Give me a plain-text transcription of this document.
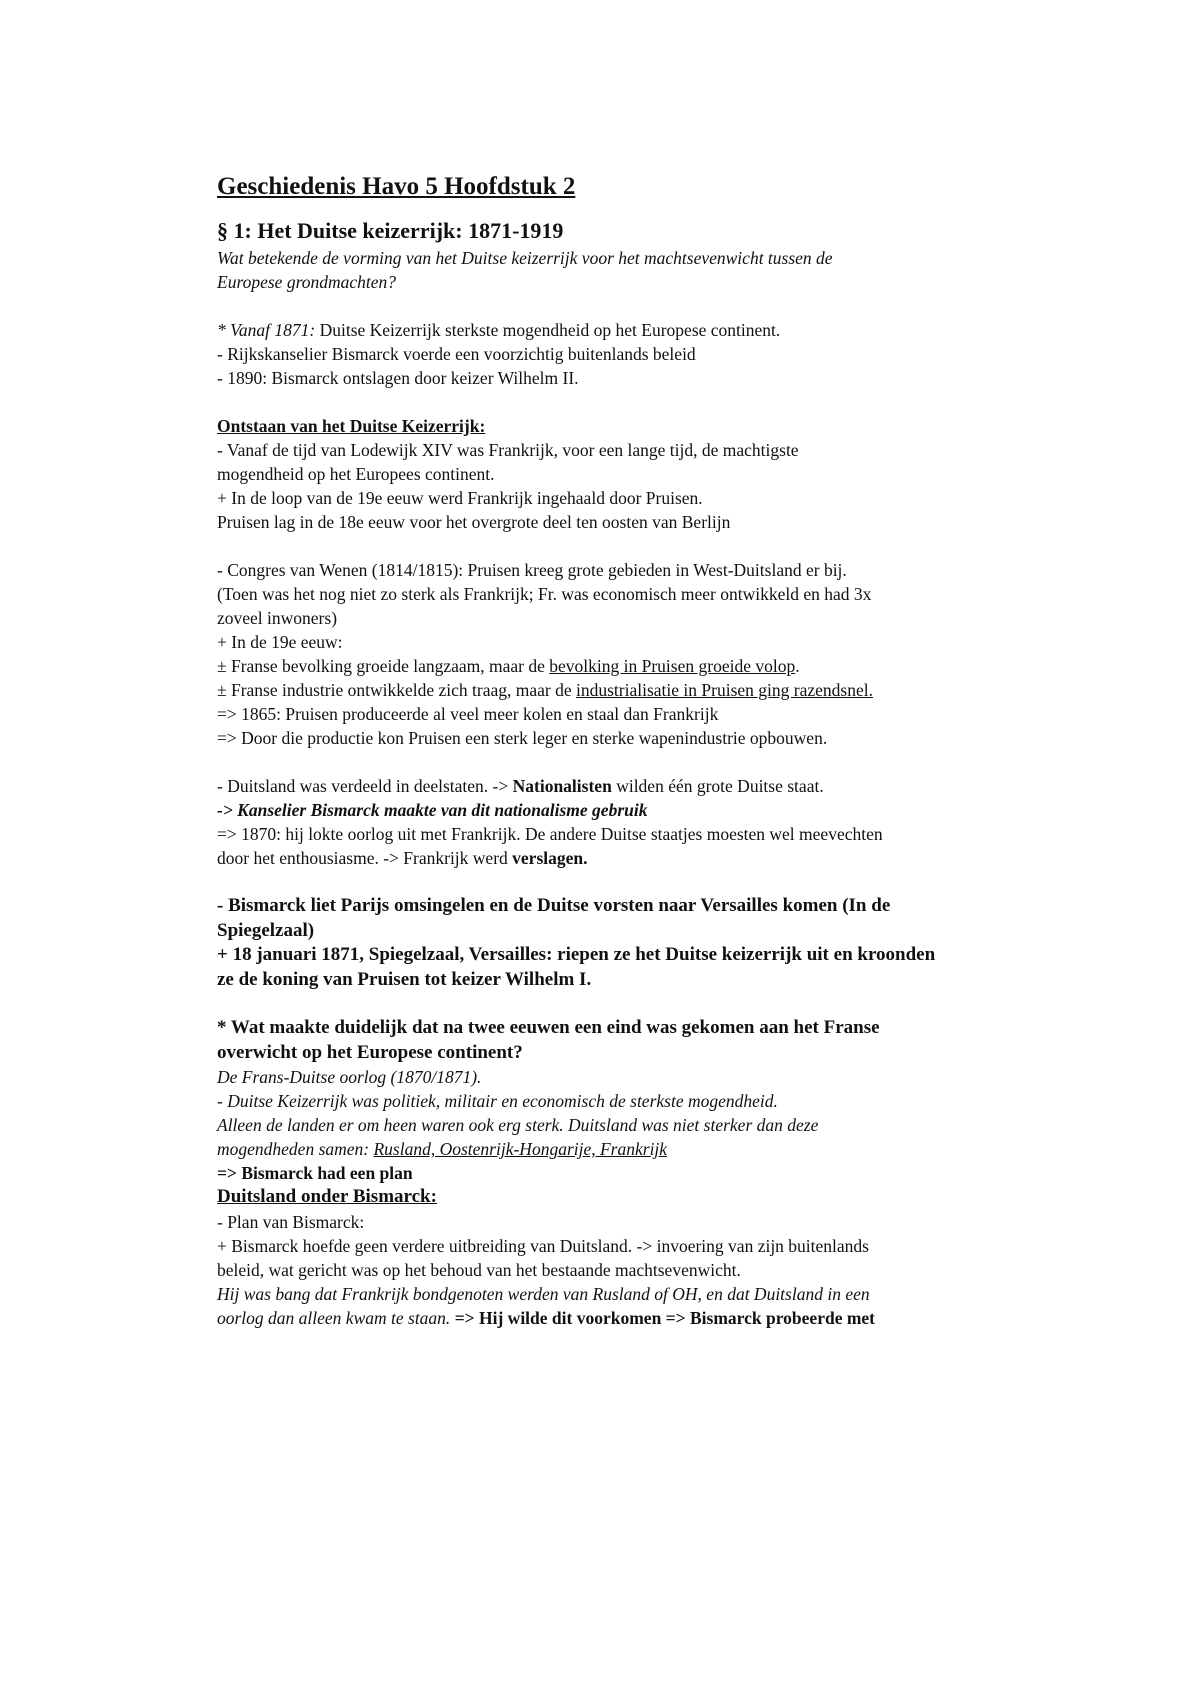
Geschiedenis Havo 5 Hoofdstuk 2
§ 1: Het Duitse keizerrijk: 1871-1919
Wat betekende de vorming van het Duitse keizerrijk voor het machtsevenwicht tussen de
Europese grondmachten?
* Vanaf 1871: Duitse Keizerrijk sterkste mogendheid op het Europese continent.
- Rijkskanselier Bismarck voerde een voorzichtig buitenlands beleid
- 1890: Bismarck ontslagen door keizer Wilhelm II.
Ontstaan van het Duitse Keizerrijk:
- Vanaf de tijd van Lodewijk XIV was Frankrijk, voor een lange tijd, de machtigste
mogendheid op het Europees continent.
+ In de loop van de 19e eeuw werd Frankrijk ingehaald door Pruisen.
Pruisen lag in de 18e eeuw voor het overgrote deel ten oosten van Berlijn
- Congres van Wenen (1814/1815): Pruisen kreeg grote gebieden in West-Duitsland er bij.
(Toen was het nog niet zo sterk als Frankrijk; Fr. was economisch meer ontwikkeld en had 3x
zoveel inwoners)
+ In de 19e eeuw:
± Franse bevolking groeide langzaam, maar de bevolking in Pruisen groeide volop.
± Franse industrie ontwikkelde zich traag, maar de industrialisatie in Pruisen ging razendsnel.
=> 1865: Pruisen produceerde al veel meer kolen en staal dan Frankrijk
=> Door die productie kon Pruisen een sterk leger en sterke wapenindustrie opbouwen.
- Duitsland was verdeeld in deelstaten. -> Nationalisten wilden één grote Duitse staat.
-> Kanselier Bismarck maakte van dit nationalisme gebruik
=> 1870: hij lokte oorlog uit met Frankrijk. De andere Duitse staatjes moesten wel meevechten
door het enthousiasme. -> Frankrijk werd verslagen.
- Bismarck liet Parijs omsingelen en de Duitse vorsten naar Versailles komen (In de
Spiegelzaal)
+ 18 januari 1871, Spiegelzaal, Versailles: riepen ze het Duitse keizerrijk uit en kroonden
ze de koning van Pruisen tot keizer Wilhelm I.
* Wat maakte duidelijk dat na twee eeuwen een eind was gekomen aan het Franse
overwicht op het Europese continent?
De Frans-Duitse oorlog (1870/1871).
- Duitse Keizerrijk was politiek, militair en economisch de sterkste mogendheid.
Alleen de landen er om heen waren ook erg sterk. Duitsland was niet sterker dan deze
mogendheden samen: Rusland, Oostenrijk-Hongarije, Frankrijk
=> Bismarck had een plan
Duitsland onder Bismarck:
- Plan van Bismarck:
+ Bismarck hoefde geen verdere uitbreiding van Duitsland. -> invoering van zijn buitenlands
beleid, wat gericht was op het behoud van het bestaande machtsevenwicht.
Hij was bang dat Frankrijk bondgenoten werden van Rusland of OH, en dat Duitsland in een
oorlog dan alleen kwam te staan. => Hij wilde dit voorkomen => Bismarck probeerde met
